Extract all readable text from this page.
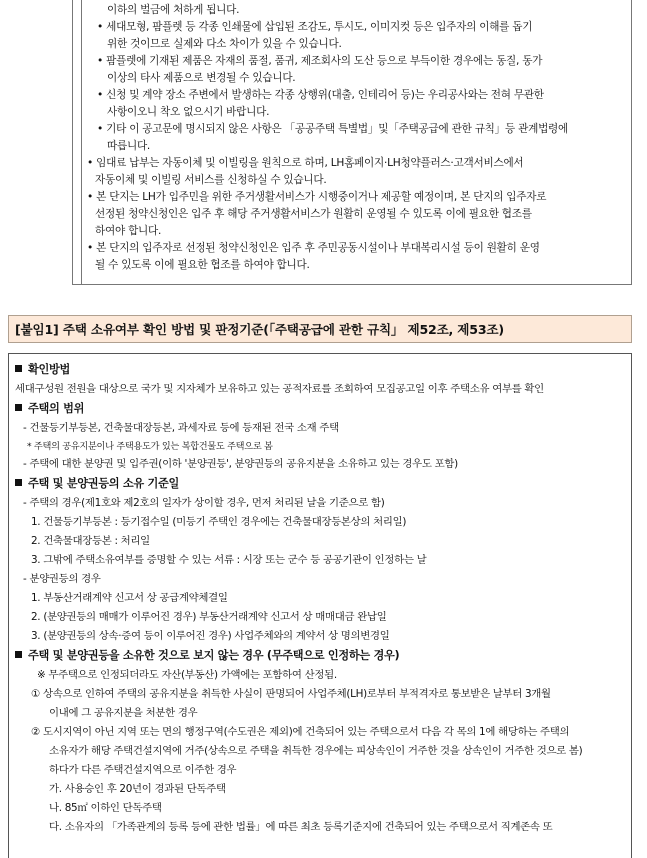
이하의 벌금에 처하게 됩니다.
• 세대모형, 팜플렛 등 각종 인쇄물에 삽입된 조감도, 투시도, 이미지컷 등은 입주자의 이해를 돕기
위한 것이므로 실제와 다소 차이가 있을 수 있습니다.
• 팜플렛에 기재된 제품은 자재의 품절, 품귀, 제조회사의 도산 등으로 부득이한 경우에는 동질, 동가
이상의 타사 제품으로 변경될 수 있습니다.
• 신청 및 계약 장소 주변에서 발생하는 각종 상행위(대출, 인테리어 등)는 우리공사와는 전혀 무관한
사항이오니 착오 없으시기 바랍니다.
• 기타 이 공고문에 명시되지 않은 사항은 「공공주택 특별법」및「주택공급에 관한 규칙」등 관계법령에
따릅니다.
• 임대료 납부는 자동이체 및 이빌링을 원칙으로 하며, LH홈페이지·LH청약플러스·고객서비스에서
자동이체 및 이빌링 서비스를 신청하실 수 있습니다.
• 본 단지는 LH가 입주민을 위한 주거생활서비스가 시행중이거나 제공할 예정이며, 본 단지의 입주자로
선정된 청약신청인은 입주 후 해당 주거생활서비스가 원활히 운영될 수 있도록 이에 필요한 협조를
하여야 합니다.
• 본 단지의 입주자로 선정된 청약신청인은 입주 후 주민공동시설이나 부대복리시설 등이 원활히 운영
될 수 있도록 이에 필요한 협조를 하여야 합니다.
[붙임1] 주택 소유여부 확인 방법 및 판정기준(「주택공급에 관한 규칙」 제52조, 제53조)
확인방법
세대구성원 전원을 대상으로 국가 및 지자체가 보유하고 있는 공적자료를 조회하여 모집공고일 이후 주택소유 여부를 확인
주택의 범위
- 건물등기부등본, 건축물대장등본, 과세자료 등에 등재된 전국 소재 주택
* 주택의 공유지분이나 주택용도가 있는 복합건물도 주택으로 봄
- 주택에 대한 분양권 및 입주권(이하 '분양권등', 분양권등의 공유지분을 소유하고 있는 경우도 포함)
주택 및 분양권등의 소유 기준일
- 주택의 경우(제1호와 제2호의 일자가 상이할 경우, 먼저 처리된 날을 기준으로 함)
1. 건물등기부등본 : 등기접수일 (미등기 주택인 경우에는 건축물대장등본상의 처리일)
2. 건축물대장등본 : 처리일
3. 그밖에 주택소유여부를 증명할 수 있는 서류 : 시장 또는 군수 등 공공기관이 인정하는 날
- 분양권등의 경우
1. 부동산거래계약 신고서 상 공급계약체결일
2. (분양권등의 매매가 이루어진 경우) 부동산거래계약 신고서 상 매매대금 완납일
3. (분양권등의 상속·증여 등이 이루어진 경우) 사업주체와의 계약서 상 명의변경일
주택 및 분양권등을 소유한 것으로 보지 않는 경우 (무주택으로 인정하는 경우)
※ 무주택으로 인정되더라도 자산(부동산) 가액에는 포함하여 산정됨.
① 상속으로 인하여 주택의 공유지분을 취득한 사실이 판명되어 사업주체(LH)로부터 부적격자로 통보받은 날부터 3개월
이내에 그 공유지분을 처분한 경우
② 도시지역이 아닌 지역 또는 면의 행정구역(수도권은 제외)에 건축되어 있는 주택으로서 다음 각 목의 1에 해당하는 주택의
소유자가 해당 주택건설지역에 거주(상속으로 주택을 취득한 경우에는 피상속인이 거주한 것을 상속인이 거주한 것으로 봄)
하다가 다른 주택건설지역으로 이주한 경우
가. 사용승인 후 20년이 경과된 단독주택
나. 85㎡ 이하인 단독주택
다. 소유자의 「가족관계의 등록 등에 관한 법률」에 따른 최초 등록기준지에 건축되어 있는 주택으로서 직계존속 또
